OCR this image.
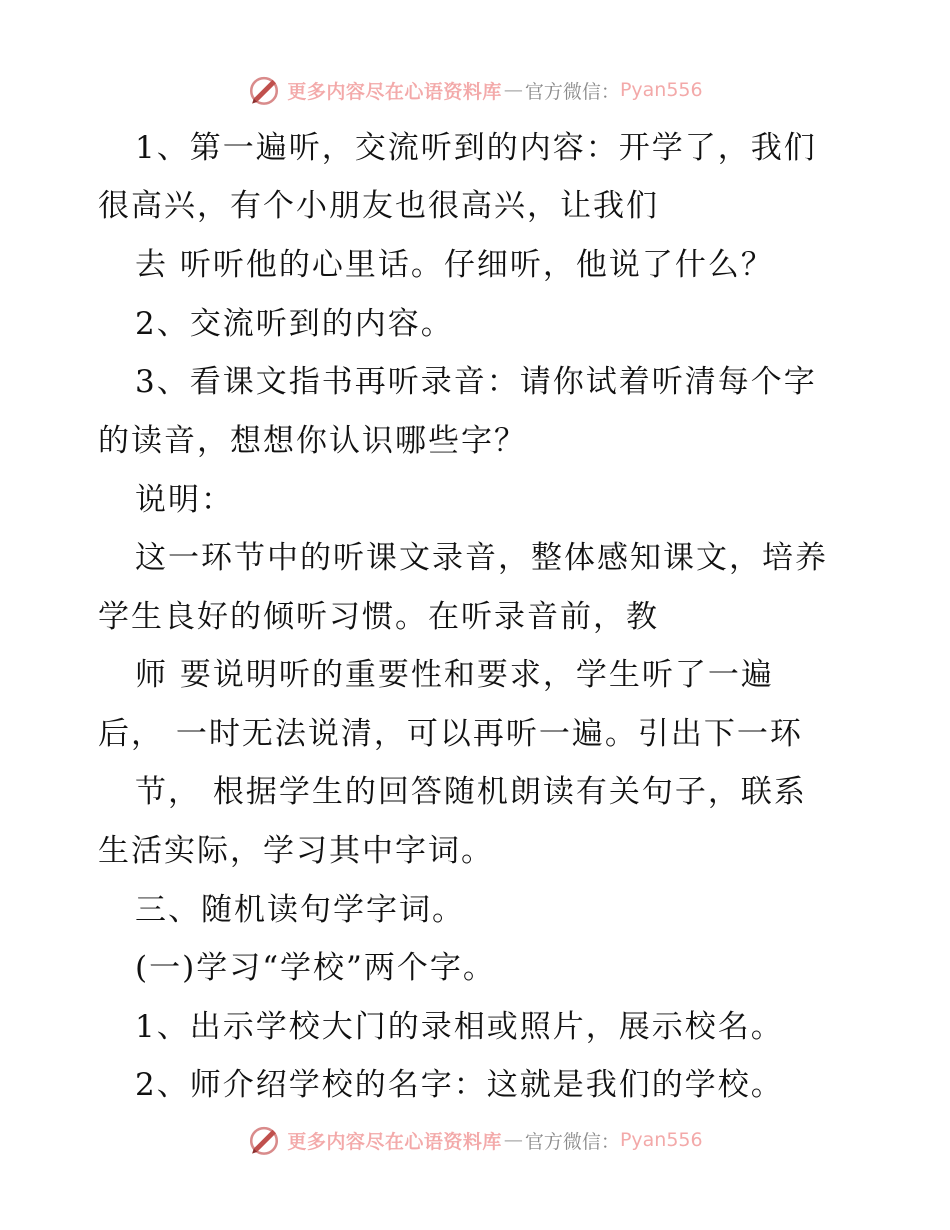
更多内容尽在心语资料库 — 官方微信： Pyan556
1、第一遍听，交流听到的内容：开学了，我们
很高兴，有个小朋友也很高兴，让我们
去 听听他的心里话。仔细听，他说了什么？
2、交流听到的内容。
3、看课文指书再听录音：请你试着听清每个字
的读音，想想你认识哪些字？
说明：
这一环节中的听课文录音，整体感知课文，培养
学生良好的倾听习惯。在听录音前，教
师 要说明听的重要性和要求，学生听了一遍
后， 一时无法说清，可以再听一遍。引出下一环
节， 根据学生的回答随机朗读有关句子，联系
生活实际，学习其中字词。
三、随机读句学字词。
(一)学习“学校”两个字。
1、出示学校大门的录相或照片，展示校名。
2、师介绍学校的名字：这就是我们的学校。
更多内容尽在心语资料库 — 官方微信： Pyan556
